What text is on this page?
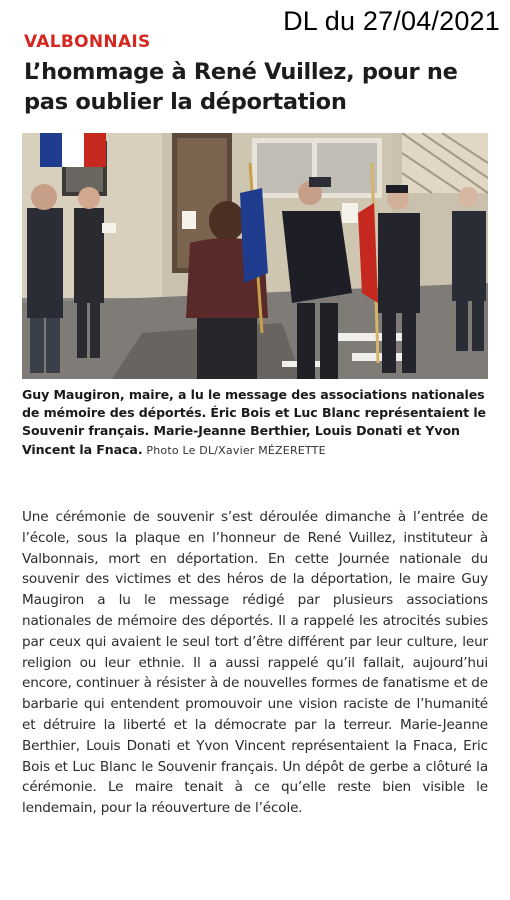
DL du 27/04/2021
VALBONNAIS
L’hommage à René Vuillez, pour ne pas oublier la déportation

Guy Maugiron, maire, a lu le message des associations nationales de mémoire des déportés. Éric Bois et Luc Blanc représentaient le Souvenir français. Marie-Jeanne Berthier, Louis Donati et Yvon Vincent la Fnaca. Photo Le DL/Xavier MÉZERETTE

Une cérémonie de souvenir s’est déroulée dimanche à l’entrée de l’école, sous la plaque en l’honneur de René Vuillez, instituteur à Valbonnais, mort en déportation. En cette Journée nationale du souvenir des victimes et des héros de la déportation, le maire Guy Maugiron a lu le message rédigé par plusieurs associations nationales de mémoire des déportés. Il a rappelé les atrocités subies par ceux qui avaient le seul tort d’être différent par leur culture, leur religion ou leur ethnie. Il a aussi rappelé qu’il fallait, aujourd’hui encore, continuer à résister à de nouvelles formes de fanatisme et de barbarie qui entendent promouvoir une vision raciste de l’humanité et détruire la liberté et la démocrate par la terreur. Marie-Jeanne Berthier, Louis Donati et Yvon Vincent représentaient la Fnaca, Eric Bois et Luc Blanc le Souvenir français. Un dépôt de gerbe a clôturé la cérémonie. Le maire tenait à ce qu’elle reste bien visible le lendemain, pour la réouverture de l’école.
